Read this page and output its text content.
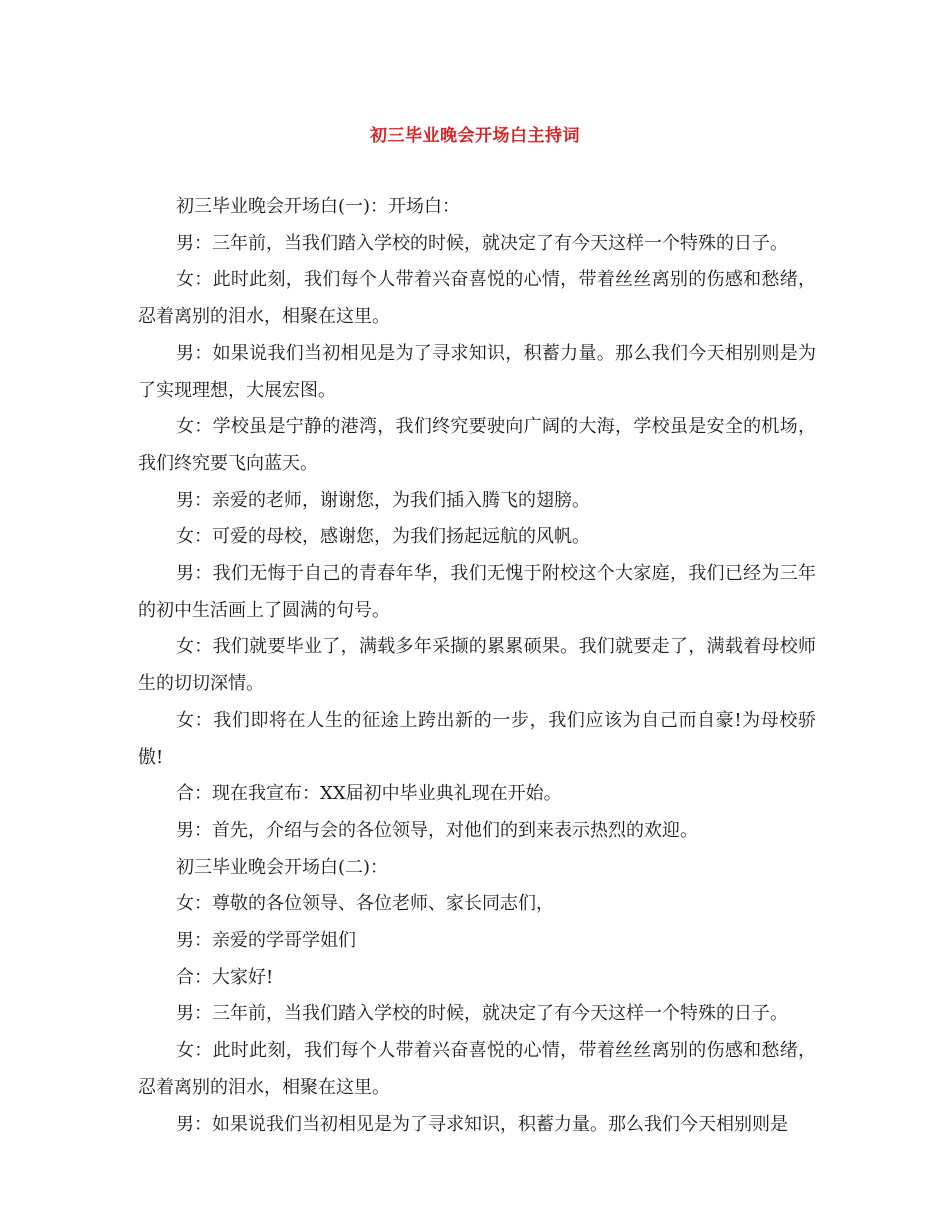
初三毕业晚会开场白主持词

初三毕业晚会开场白(一)：开场白：

男：三年前，当我们踏入学校的时候，就决定了有今天这样一个特殊的日子。

女：此时此刻，我们每个人带着兴奋喜悦的心情，带着丝丝离别的伤感和愁绪，忍着离别的泪水，相聚在这里。

男：如果说我们当初相见是为了寻求知识，积蓄力量。那么我们今天相别则是为了实现理想，大展宏图。

女：学校虽是宁静的港湾，我们终究要驶向广阔的大海，学校虽是安全的机场，我们终究要飞向蓝天。

男：亲爱的老师，谢谢您，为我们插入腾飞的翅膀。

女：可爱的母校，感谢您，为我们扬起远航的风帆。

男：我们无悔于自己的青春年华，我们无愧于附校这个大家庭，我们已经为三年的初中生活画上了圆满的句号。

女：我们就要毕业了，满载多年采撷的累累硕果。我们就要走了，满载着母校师生的切切深情。

女：我们即将在人生的征途上跨出新的一步，我们应该为自己而自豪!为母校骄傲!

合：现在我宣布：XX届初中毕业典礼现在开始。

男：首先，介绍与会的各位领导，对他们的到来表示热烈的欢迎。

初三毕业晚会开场白(二)：

女：尊敬的各位领导、各位老师、家长同志们，

男：亲爱的学哥学姐们

合：大家好!

男：三年前，当我们踏入学校的时候，就决定了有今天这样一个特殊的日子。

女：此时此刻，我们每个人带着兴奋喜悦的心情，带着丝丝离别的伤感和愁绪，忍着离别的泪水，相聚在这里。

男：如果说我们当初相见是为了寻求知识，积蓄力量。那么我们今天相别则是
